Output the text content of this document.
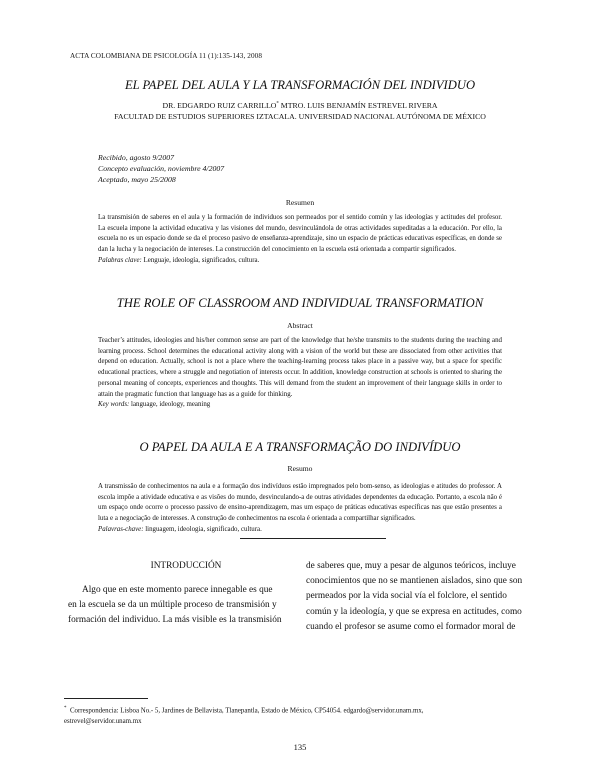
ACTA COLOMBIANA DE PSICOLOGÍA 11 (1):135-143, 2008
EL PAPEL DEL AULA Y LA TRANSFORMACIÓN DEL INDIVIDUO
DR. EDGARDO RUIZ CARRILLO* MTRO. LUIS BENJAMÍN ESTREVEL RIVERA
FACULTAD DE ESTUDIOS SUPERIORES IZTACALA. UNIVERSIDAD NACIONAL AUTÓNOMA DE MÉXICO
Recibido, agosto 9/2007
Concepto evaluación, noviembre 4/2007
Aceptado, mayo 25/2008
Resumen
La transmisión de saberes en el aula y la formación de individuos son permeados por el sentido común y las ideologías y actitudes del profesor. La escuela impone la actividad educativa y las visiones del mundo, desvinculándola de otras actividades supeditadas a la educación. Por ello, la escuela no es un espacio donde se da el proceso pasivo de enseñanza-aprendizaje, sino un espacio de prácticas educativas específicas, en donde se dan la lucha y la negociación de intereses. La construcción del conocimiento en la escuela está orientada a compartir significados.
Palabras clave: Lenguaje, ideología, significados, cultura.
THE ROLE OF CLASSROOM AND INDIVIDUAL TRANSFORMATION
Abstract
Teacher’s attitudes, ideologies and his/her common sense are part of the knowledge that he/she transmits to the students during the teaching and learning process. School determines the educational activity along with a vision of the world but these are dissociated from other activities that depend on education. Actually, school is not a place where the teaching-learning process takes place in a passive way, but a space for specific educational practices, where a struggle and negotiation of interests occur. In addition, knowledge construction at schools is oriented to sharing the personal meaning of concepts, experiences and thoughts. This will demand from the student an improvement of their language skills in order to attain the pragmatic function that language has as a guide for thinking.
Key words: language, ideology, meaning
O PAPEL DA AULA E A TRANSFORMAÇÃO DO INDIVÍDUO
Resumo
A transmissão de conhecimentos na aula e a formação dos indivíduos estão impregnados pelo bom-senso, as ideologias e atitudes do professor. A escola impõe a atividade educativa e as visões do mundo, desvinculando-a de outras atividades dependentes da educação. Portanto, a escola não é um espaço onde ocorre o processo passivo de ensino-aprendizagem, mas um espaço de práticas educativas específicas nas que estão presentes a luta e a negociação de interesses. A construção de conhecimentos na escola é orientada a compartilhar significados.
Palavras-chave: linguagem, ideologia, significado, cultura.
INTRODUCCIÓN
Algo que en este momento parece innegable es que
en la escuela se da un múltiple proceso de transmisión y
formación del individuo. La más visible es la transmisión
de saberes que, muy a pesar de algunos teóricos, incluye
conocimientos que no se mantienen aislados, sino que son
permeados por la vida social vía el folclore, el sentido
común y la ideología, y que se expresa en actitudes, como
cuando el profesor se asume como el formador moral de
* Correspondencia: Lisboa No.- 5, Jardines de Bellavista, Tlanepantla, Estado de México, CP54054. edgardo@servidor.unam.mx,
estrevel@servidor.unam.mx
135
